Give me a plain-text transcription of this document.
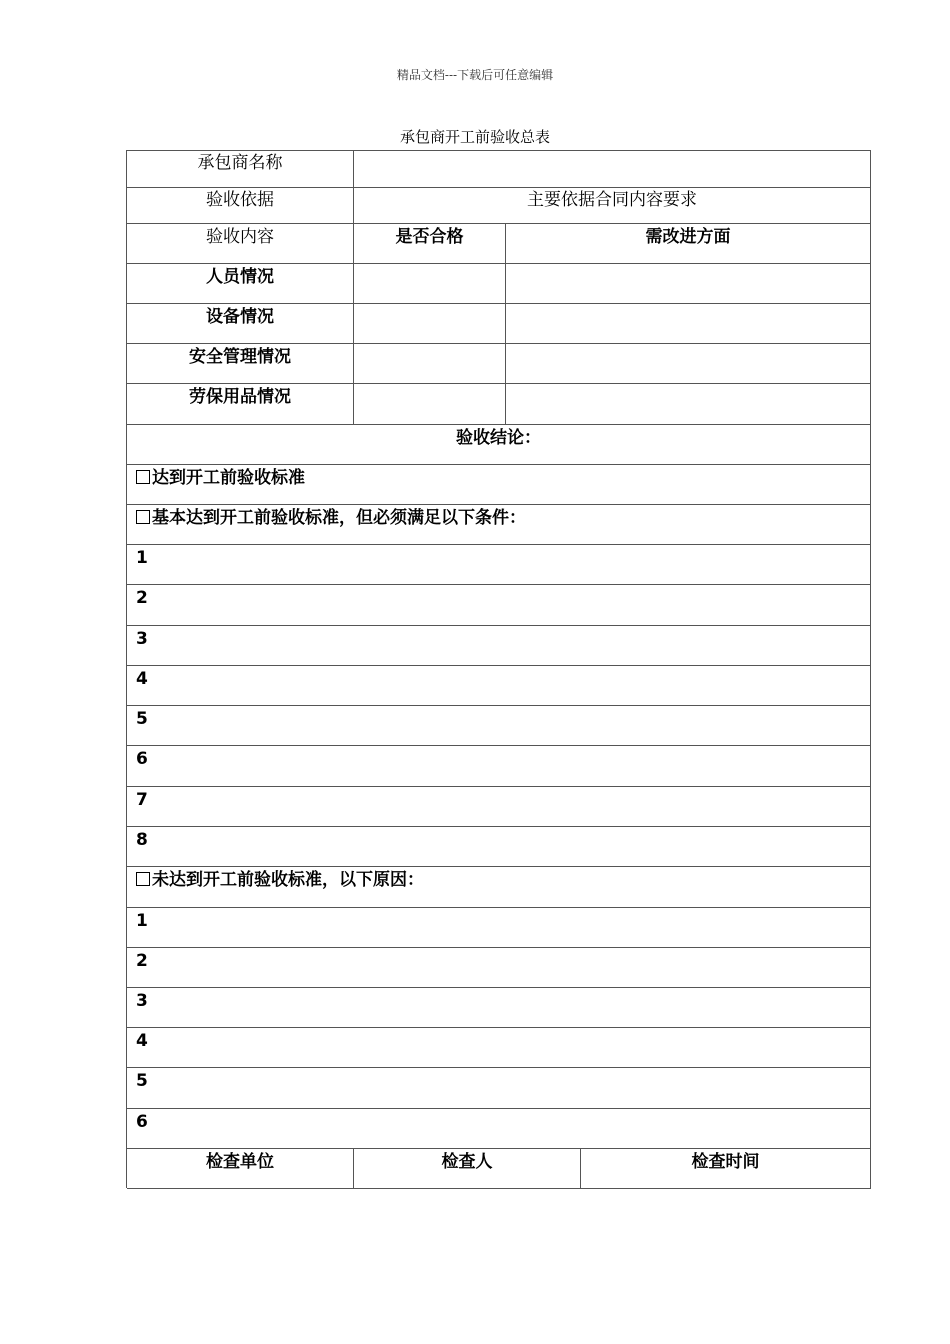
精品文档---下载后可任意编辑
承包商开工前验收总表
承包商名称
验收依据	主要依据合同内容要求
验收内容	是否合格	需改进方面
人员情况
设备情况
安全管理情况
劳保用品情况
验收结论：
达到开工前验收标准
基本达到开工前验收标准，但必须满足以下条件：
1
2
3
4
5
6
7
8
未达到开工前验收标准，以下原因：
1
2
3
4
5
6
检查单位	检查人	检查时间
